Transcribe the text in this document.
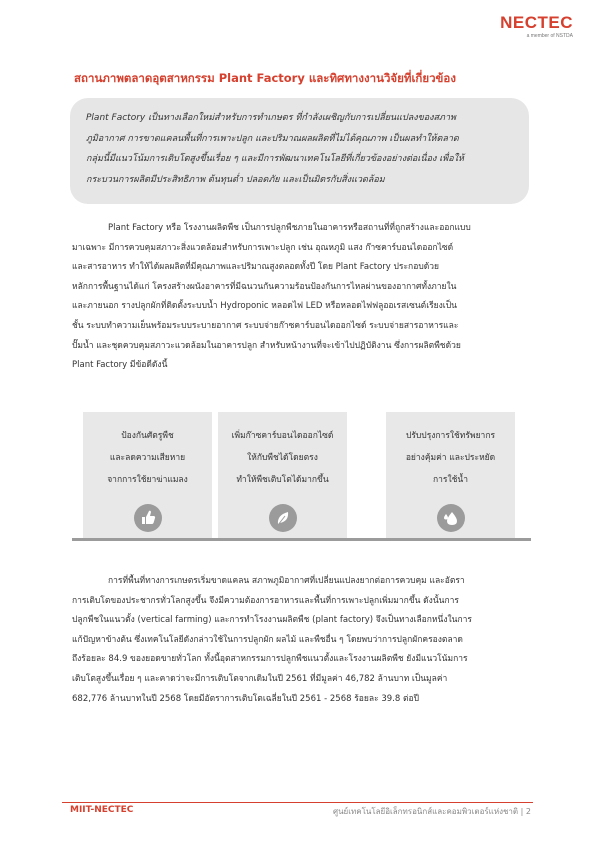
NECTEC
a member of NSTDA
สถานภาพตลาดอุตสาหกรรม Plant Factory และทิศทางงานวิจัยที่เกี่ยวข้อง
Plant Factory เป็นทางเลือกใหม่สำหรับการทำเกษตร ที่กำลังเผชิญกับการเปลี่ยนแปลงของสภาพ
ภูมิอากาศ การขาดแคลนพื้นที่การเพาะปลูก และปริมาณผลผลิตที่ไม่ได้คุณภาพ เป็นผลทำให้ตลาด
กลุ่มนี้มีแนวโน้มการเติบโตสูงขึ้นเรื่อย ๆ และมีการพัฒนาเทคโนโลยีที่เกี่ยวข้องอย่างต่อเนื่อง เพื่อให้
กระบวนการผลิตมีประสิทธิภาพ ต้นทุนต่ำ ปลอดภัย และเป็นมิตรกับสิ่งแวดล้อม
Plant Factory หรือ โรงงานผลิตพืช เป็นการปลูกพืชภายในอาคารหรือสถานที่ที่ถูกสร้างและออกแบบ
มาเฉพาะ มีการควบคุมสภาวะสิ่งแวดล้อมสำหรับการเพาะปลูก เช่น อุณหภูมิ แสง ก๊าซคาร์บอนไดออกไซด์
และสารอาหาร ทำให้ได้ผลผลิตที่มีคุณภาพและปริมาณสูงตลอดทั้งปี โดย Plant Factory ประกอบด้วย
หลักการพื้นฐานได้แก่ โครงสร้างผนังอาคารที่มีฉนวนกันความร้อนป้องกันการไหลผ่านของอากาศทั้งภายใน
และภายนอก รางปลูกผักที่ติดตั้งระบบน้ำ Hydroponic หลอดไฟ LED หรือหลอดไฟฟลูออเรสเซนต์เรียงเป็น
ชั้น ระบบทำความเย็นพร้อมระบบระบายอากาศ ระบบจ่ายก๊าซคาร์บอนไดออกไซด์ ระบบจ่ายสารอาหารและ
ปั๊มน้ำ และชุดควบคุมสภาวะแวดล้อมในอาคารปลูก สำหรับหน้างานที่จะเข้าไปปฏิบัติงาน ซึ่งการผลิตพืชด้วย
Plant Factory มีข้อดีดังนี้
ป้องกันศัตรูพืช
และลดความเสียหาย
จากการใช้ยาฆ่าแมลง
เพิ่มก๊าซคาร์บอนไดออกไซด์
ให้กับพืชได้โดยตรง
ทำให้พืชเติบโตได้มากขึ้น
ปรับปรุงการใช้ทรัพยากร
อย่างคุ้มค่า และประหยัด
การใช้น้ำ
การที่พื้นที่ทางการเกษตรเริ่มขาดแคลน สภาพภูมิอากาศที่เปลี่ยนแปลงยากต่อการควบคุม และอัตรา
การเติบโตของประชากรทั่วโลกสูงขึ้น จึงมีความต้องการอาหารและพื้นที่การเพาะปลูกเพิ่มมากขึ้น ดังนั้นการ
ปลูกพืชในแนวตั้ง (vertical farming) และการทำโรงงานผลิตพืช (plant factory) จึงเป็นทางเลือกหนึ่งในการ
แก้ปัญหาข้างต้น ซึ่งเทคโนโลยีดังกล่าวใช้ในการปลูกผัก ผลไม้ และพืชอื่น ๆ โดยพบว่าการปลูกผักครองตลาด
ถึงร้อยละ 84.9 ของยอดขายทั่วโลก ทั้งนี้อุตสาหกรรมการปลูกพืชแนวตั้งและโรงงานผลิตพืช ยังมีแนวโน้มการ
เติบโตสูงขึ้นเรื่อย ๆ และคาดว่าจะมีการเติบโตจากเดิมในปี 2561 ที่มีมูลค่า 46,782 ล้านบาท เป็นมูลค่า
682,776 ล้านบาทในปี 2568 โดยมีอัตราการเติบโตเฉลี่ยในปี 2561 - 2568 ร้อยละ 39.8 ต่อปี
MIIT-NECTEC	ศูนย์เทคโนโลยีอิเล็กทรอนิกส์และคอมพิวเตอร์แห่งชาติ | 2
